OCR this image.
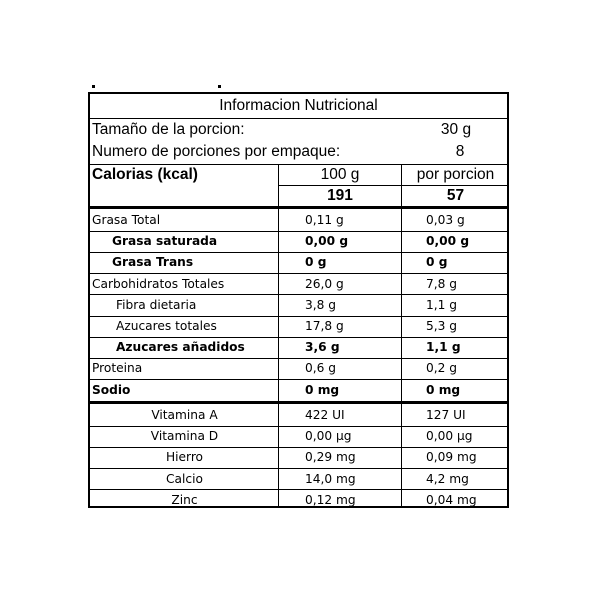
Informacion Nutricional
Tamaño de la porcion:	30 g
Numero de porciones por empaque:	8
Calorias (kcal)	100 g	por porcion
191	57
Grasa Total	0,11 g	0,03 g
Grasa saturada	0,00 g	0,00 g
Grasa Trans	0 g	0 g
Carbohidratos Totales	26,0 g	7,8 g
Fibra dietaria	3,8 g	1,1 g
Azucares totales	17,8 g	5,3 g
Azucares añadidos	3,6 g	1,1 g
Proteina	0,6 g	0,2 g
Sodio	0 mg	0 mg
Vitamina A	422 UI	127 UI
Vitamina D	0,00 µg	0,00 µg
Hierro	0,29 mg	0,09 mg
Calcio	14,0 mg	4,2 mg
Zinc	0,12 mg	0,04 mg
